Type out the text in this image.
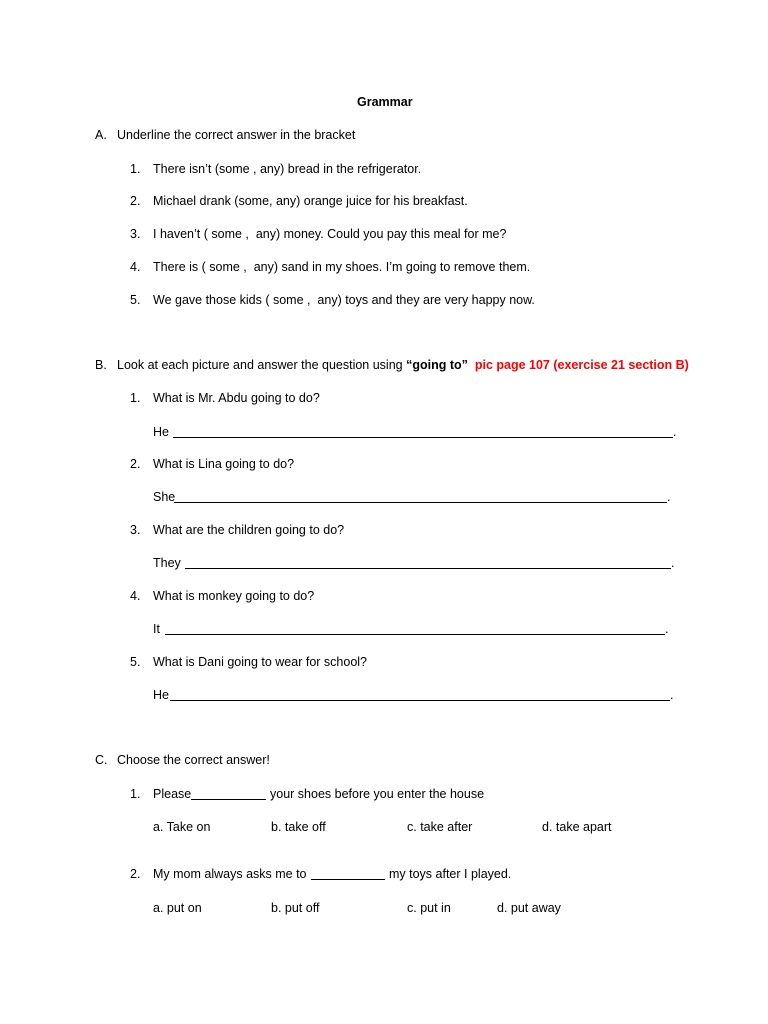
Grammar
A. Underline the correct answer in the bracket
1. There isn’t (some , any) bread in the refrigerator.
2. Michael drank (some, any) orange juice for his breakfast.
3. I haven’t ( some ,  any) money. Could you pay this meal for me?
4. There is ( some ,  any) sand in my shoes. I’m going to remove them.
5. We gave those kids ( some ,  any) toys and they are very happy now.
B. Look at each picture and answer the question using “going to” pic page 107 (exercise 21 section B)
1. What is Mr. Abdu going to do?
He	.
2. What is Lina going to do?
She	.
3. What are the children going to do?
They	.
4. What is monkey going to do?
It	.
5. What is Dani going to wear for school?
He	.
C. Choose the correct answer!
1. Please	your shoes before you enter the house
a. Take on	b. take off	c. take after	d. take apart
2. My mom always asks me to	my toys after I played.
a. put on	b. put off	c. put in	d. put away
